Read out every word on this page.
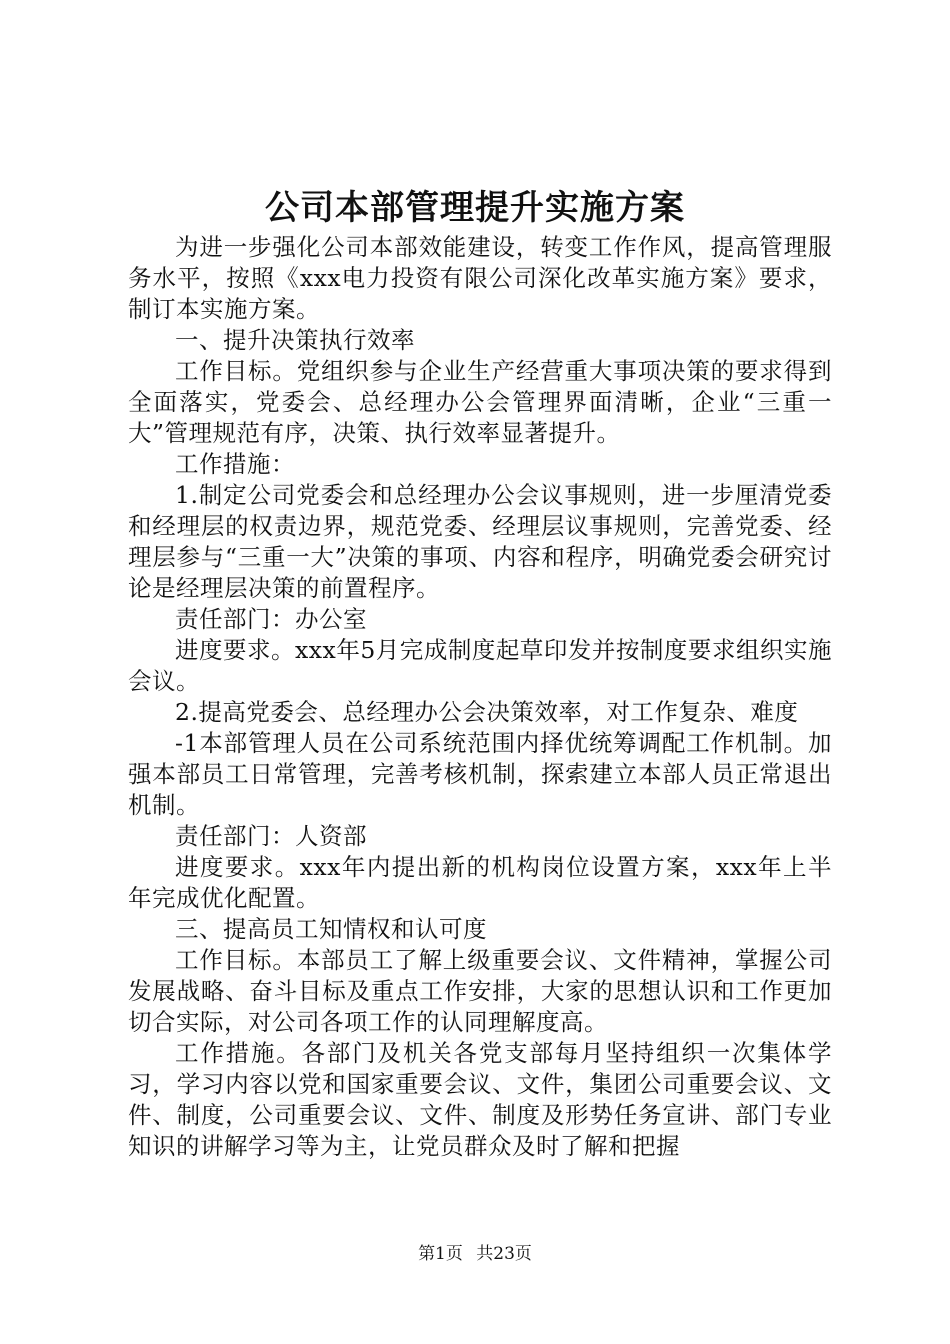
公司本部管理提升实施方案

为进一步强化公司本部效能建设，转变工作作风，提高管理服务水平，按照《xxx电力投资有限公司深化改革实施方案》要求，制订本实施方案。

一、提升决策执行效率

工作目标。党组织参与企业生产经营重大事项决策的要求得到全面落实，党委会、总经理办公会管理界面清晰，企业“三重一大”管理规范有序，决策、执行效率显著提升。

工作措施：

1.制定公司党委会和总经理办公会议事规则，进一步厘清党委和经理层的权责边界，规范党委、经理层议事规则，完善党委、经理层参与“三重一大”决策的事项、内容和程序，明确党委会研究讨论是经理层决策的前置程序。

责任部门：办公室

进度要求。xxx年5月完成制度起草印发并按制度要求组织实施会议。

2.提高党委会、总经理办公会决策效率，对工作复杂、难度

-1本部管理人员在公司系统范围内择优统筹调配工作机制。加强本部员工日常管理，完善考核机制，探索建立本部人员正常退出机制。

责任部门：人资部

进度要求。xxx年内提出新的机构岗位设置方案，xxx年上半年完成优化配置。

三、提高员工知情权和认可度

工作目标。本部员工了解上级重要会议、文件精神，掌握公司发展战略、奋斗目标及重点工作安排，大家的思想认识和工作更加切合实际，对公司各项工作的认同理解度高。

工作措施。各部门及机关各党支部每月坚持组织一次集体学习，学习内容以党和国家重要会议、文件，集团公司重要会议、文件、制度，公司重要会议、文件、制度及形势任务宣讲、部门专业知识的讲解学习等为主，让党员群众及时了解和把握

第1页 共23页
